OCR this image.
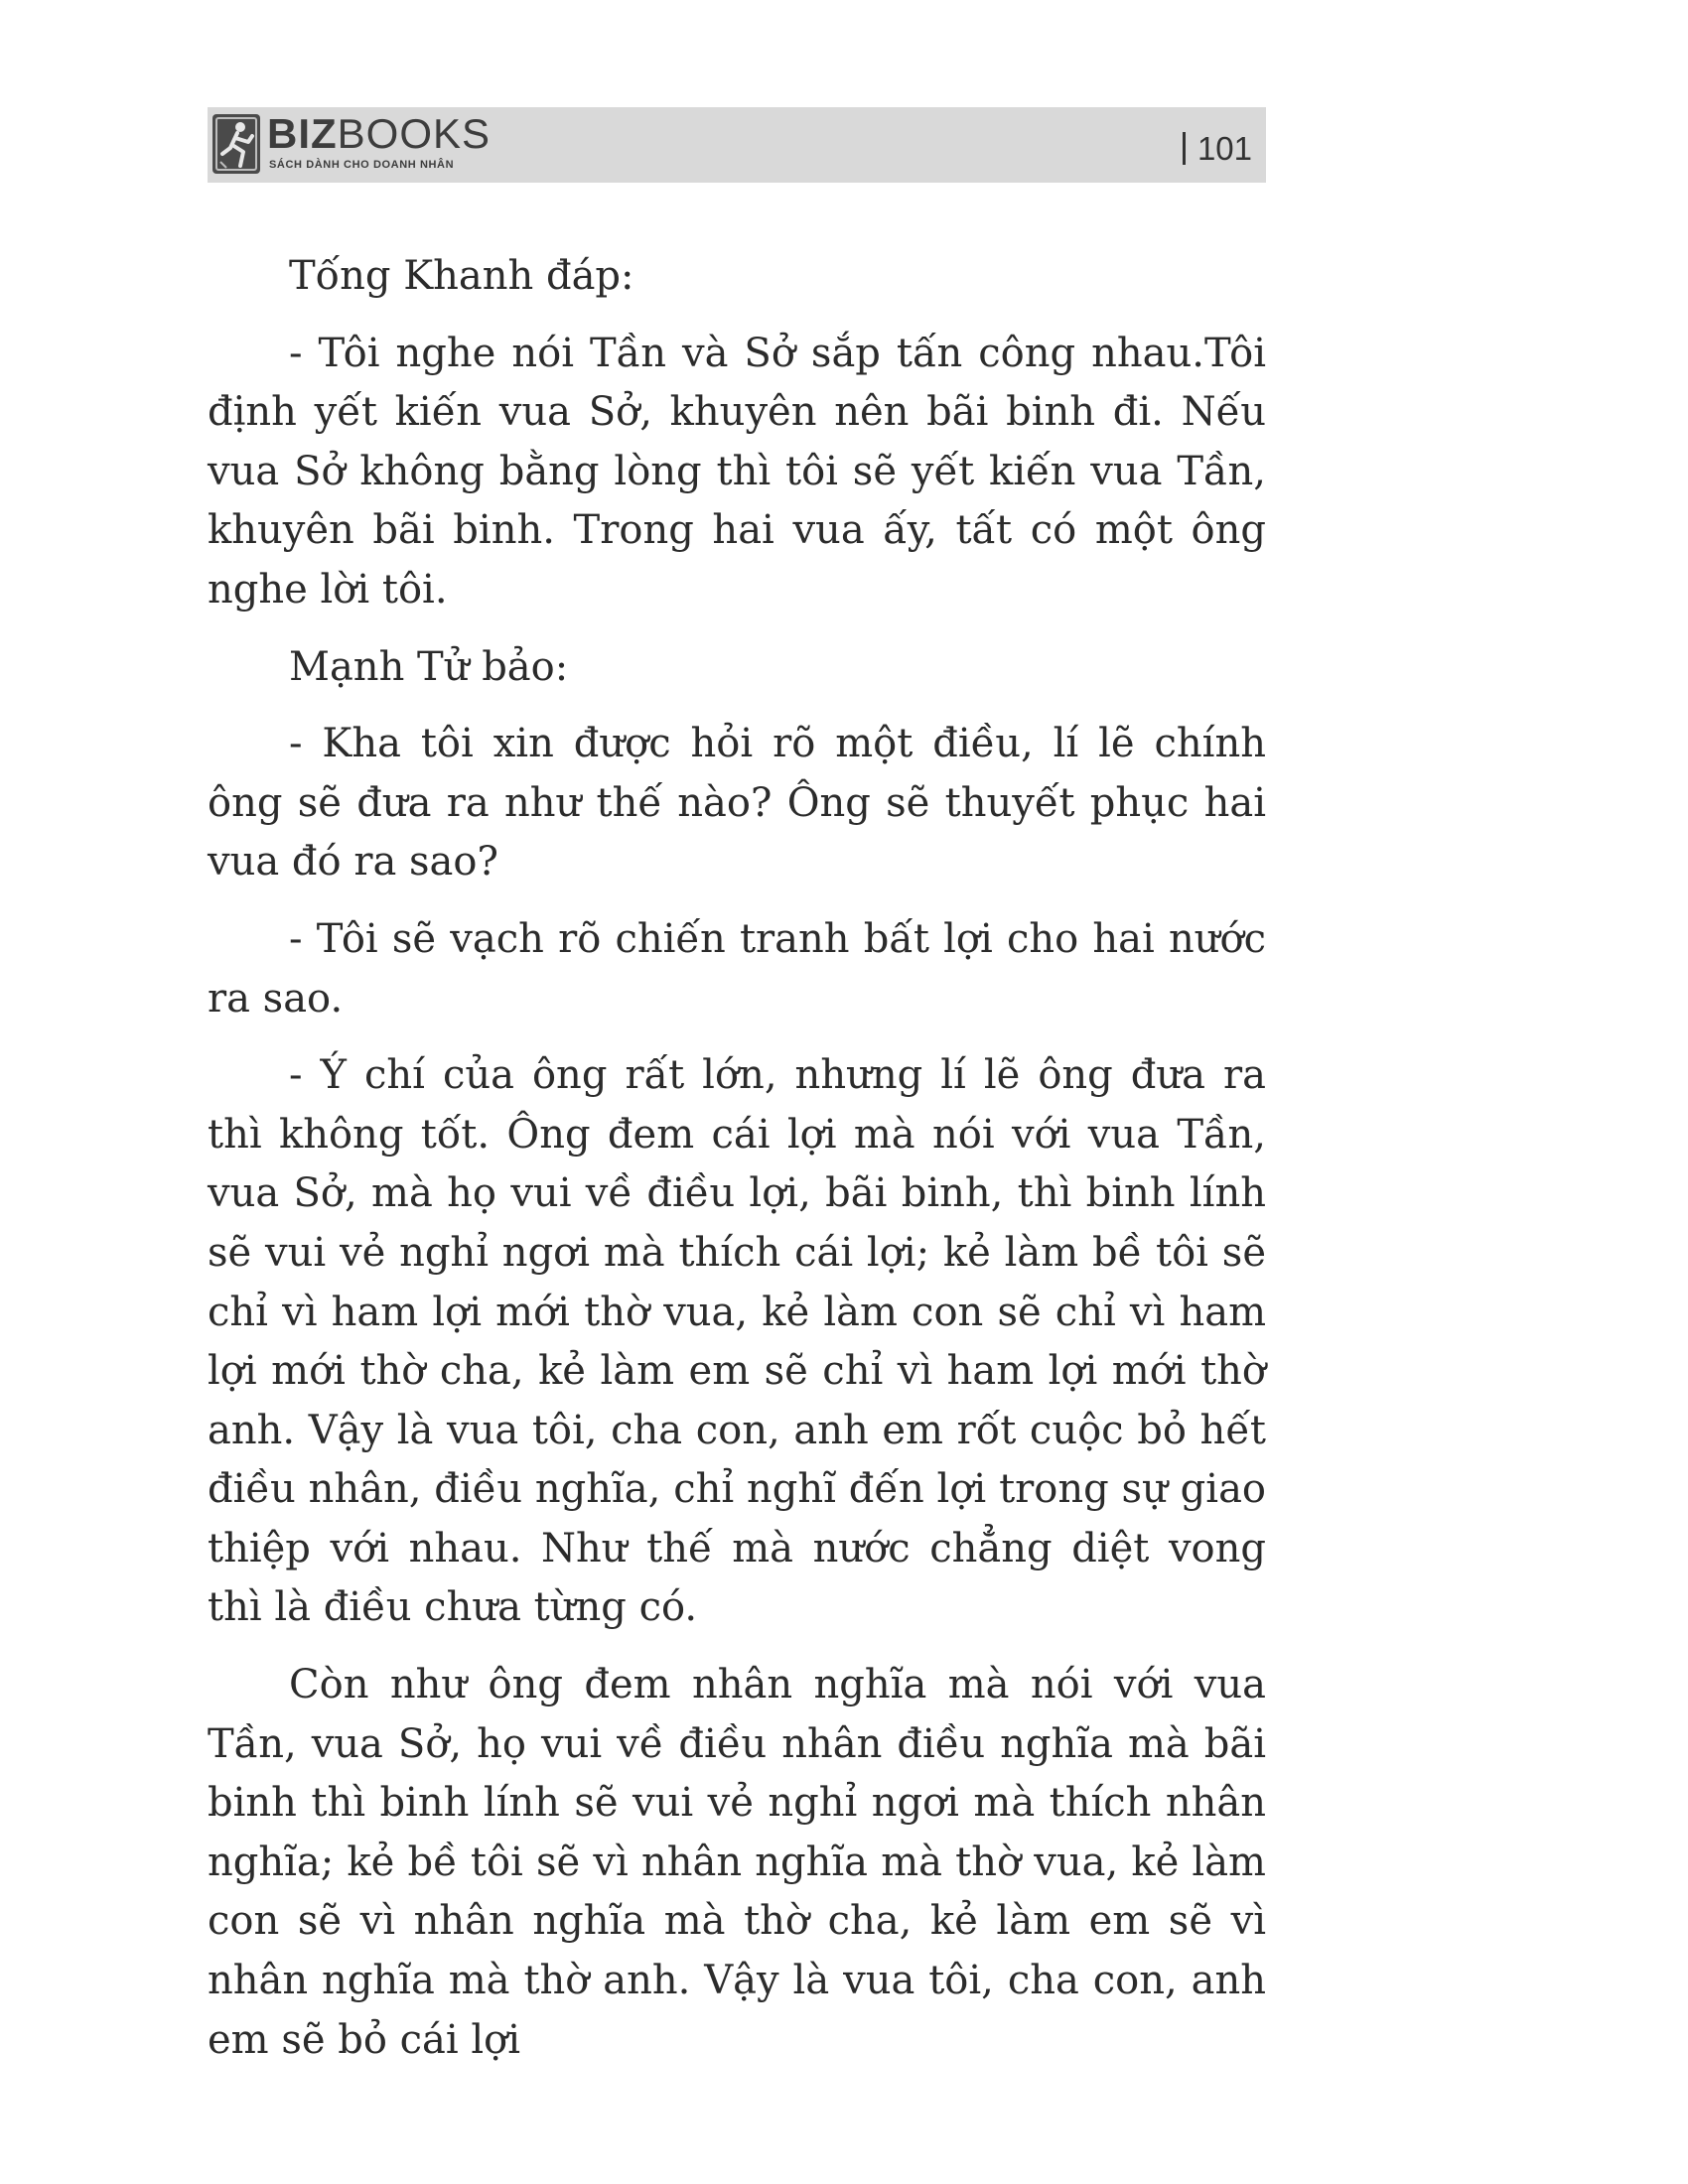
BIZBOOKS
SÁCH DÀNH CHO DOANH NHÂN	101

Tống Khanh đáp:

- Tôi nghe nói Tần và Sở sắp tấn công nhau.Tôi định yết kiến vua Sở, khuyên nên bãi binh đi. Nếu vua Sở không bằng lòng thì tôi sẽ yết kiến vua Tần, khuyên bãi binh. Trong hai vua ấy, tất có một ông nghe lời tôi.

Mạnh Tử bảo:

- Kha tôi xin được hỏi rõ một điều, lí lẽ chính ông sẽ đưa ra như thế nào? Ông sẽ thuyết phục hai vua đó ra sao?

- Tôi sẽ vạch rõ chiến tranh bất lợi cho hai nước ra sao.

- Ý chí của ông rất lớn, nhưng lí lẽ ông đưa ra thì không tốt. Ông đem cái lợi mà nói với vua Tần, vua Sở, mà họ vui về điều lợi, bãi binh, thì binh lính sẽ vui vẻ nghỉ ngơi mà thích cái lợi; kẻ làm bề tôi sẽ chỉ vì ham lợi mới thờ vua, kẻ làm con sẽ chỉ vì ham lợi mới thờ cha, kẻ làm em sẽ chỉ vì ham lợi mới thờ anh. Vậy là vua tôi, cha con, anh em rốt cuộc bỏ hết điều nhân, điều nghĩa, chỉ nghĩ đến lợi trong sự giao thiệp với nhau. Như thế mà nước chẳng diệt vong thì là điều chưa từng có.

Còn như ông đem nhân nghĩa mà nói với vua Tần, vua Sở, họ vui về điều nhân điều nghĩa mà bãi binh thì binh lính sẽ vui vẻ nghỉ ngơi mà thích nhân nghĩa; kẻ bề tôi sẽ vì nhân nghĩa mà thờ vua, kẻ làm con sẽ vì nhân nghĩa mà thờ cha, kẻ làm em sẽ vì nhân nghĩa mà thờ anh. Vậy là vua tôi, cha con, anh em sẽ bỏ cái lợi
